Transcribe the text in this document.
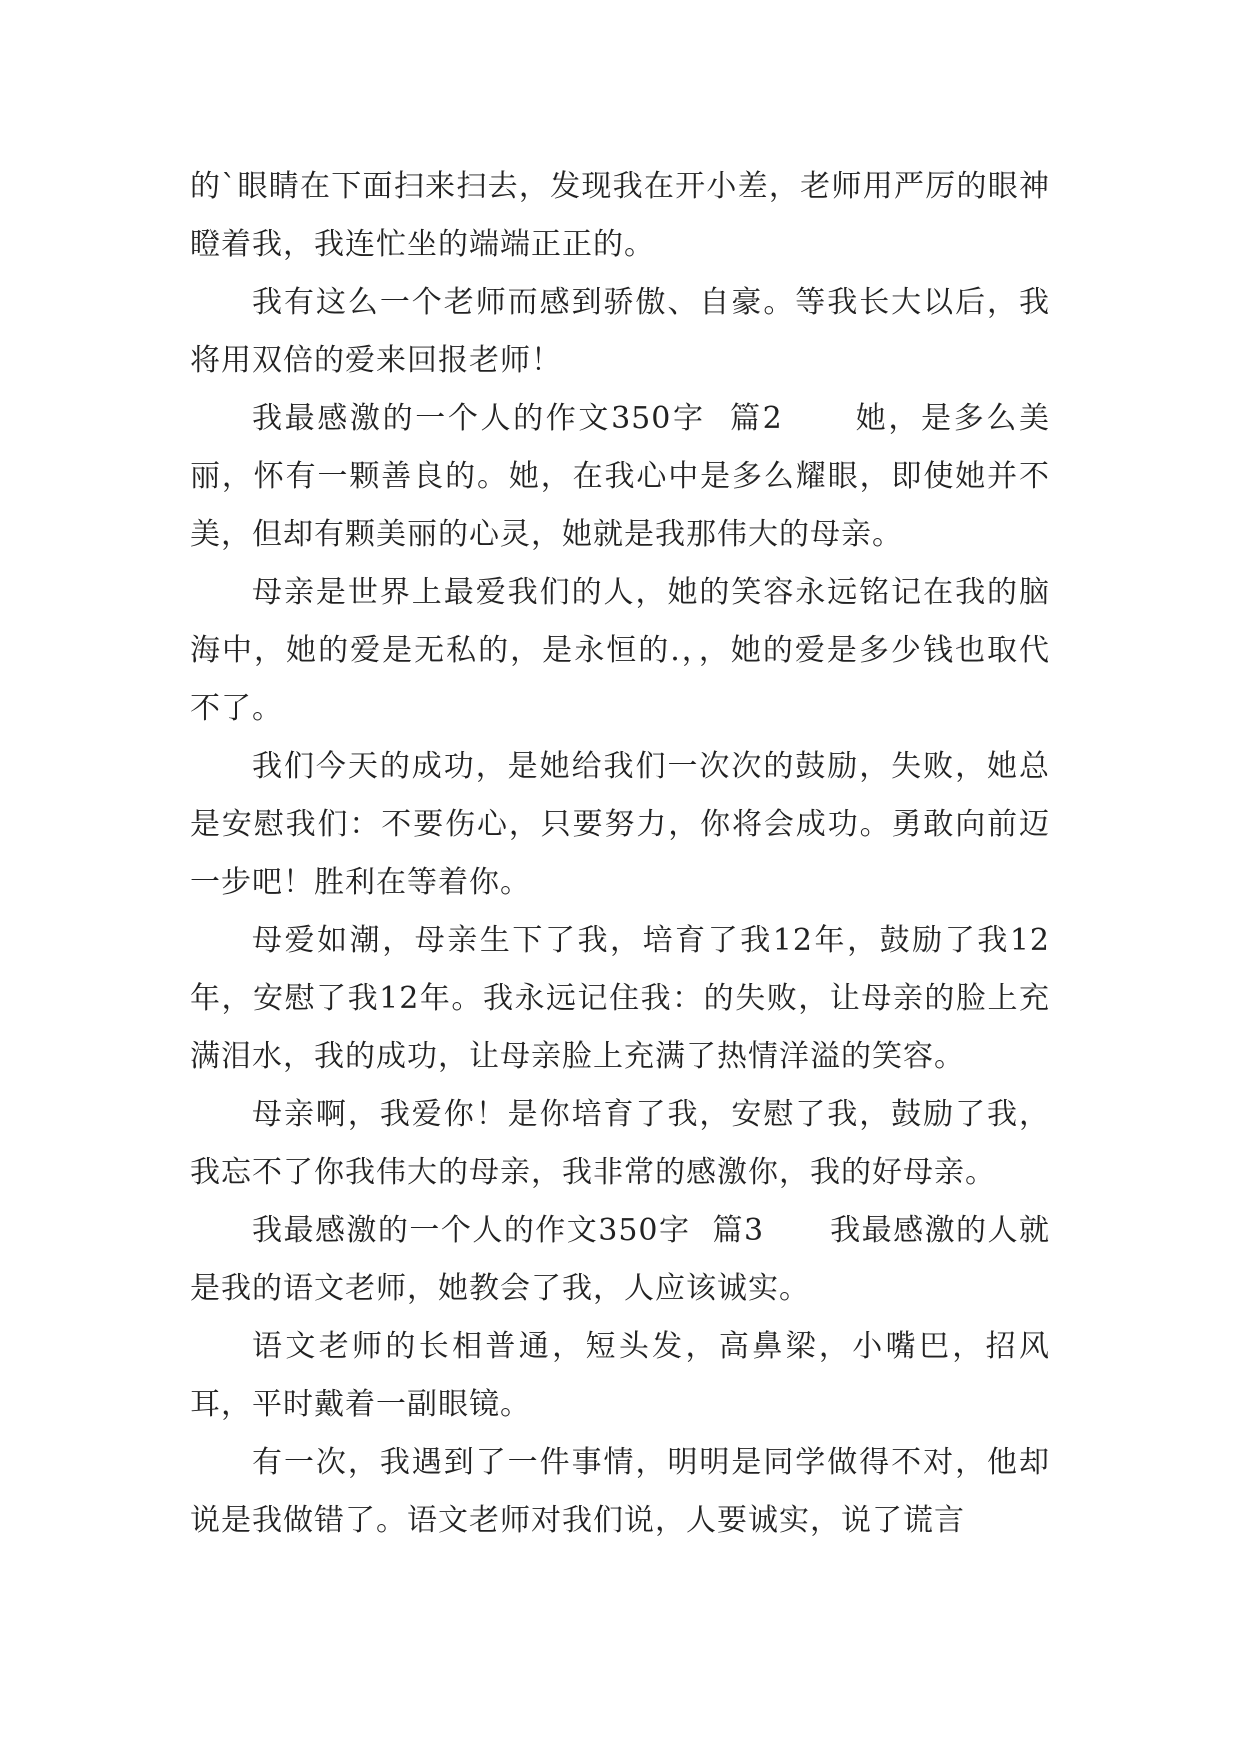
的`眼睛在下面扫来扫去，发现我在开小差，老师用严厉的眼神瞪着我，我连忙坐的端端正正的。

我有这么一个老师而感到骄傲、自豪。等我长大以后，我将用双倍的爱来回报老师！

我最感激的一个人的作文350字  篇2      她，是多么美丽，怀有一颗善良的。她，在我心中是多么耀眼，即使她并不美，但却有颗美丽的心灵，她就是我那伟大的母亲。

母亲是世界上最爱我们的人，她的笑容永远铭记在我的脑海中，她的爱是无私的，是永恒的.，，她的爱是多少钱也取代不了。

我们今天的成功，是她给我们一次次的鼓励，失败，她总是安慰我们：不要伤心，只要努力，你将会成功。勇敢向前迈一步吧！胜利在等着你。

母爱如潮，母亲生下了我，培育了我12年，鼓励了我12年，安慰了我12年。我永远记住我：的失败，让母亲的脸上充满泪水，我的成功，让母亲脸上充满了热情洋溢的笑容。

母亲啊，我爱你！是你培育了我，安慰了我，鼓励了我，我忘不了你我伟大的母亲，我非常的感激你，我的好母亲。

我最感激的一个人的作文350字  篇3      我最感激的人就是我的语文老师，她教会了我，人应该诚实。

语文老师的长相普通，短头发，高鼻梁，小嘴巴，招风耳，平时戴着一副眼镜。

有一次，我遇到了一件事情，明明是同学做得不对，他却说是我做错了。语文老师对我们说，人要诚实，说了谎言
